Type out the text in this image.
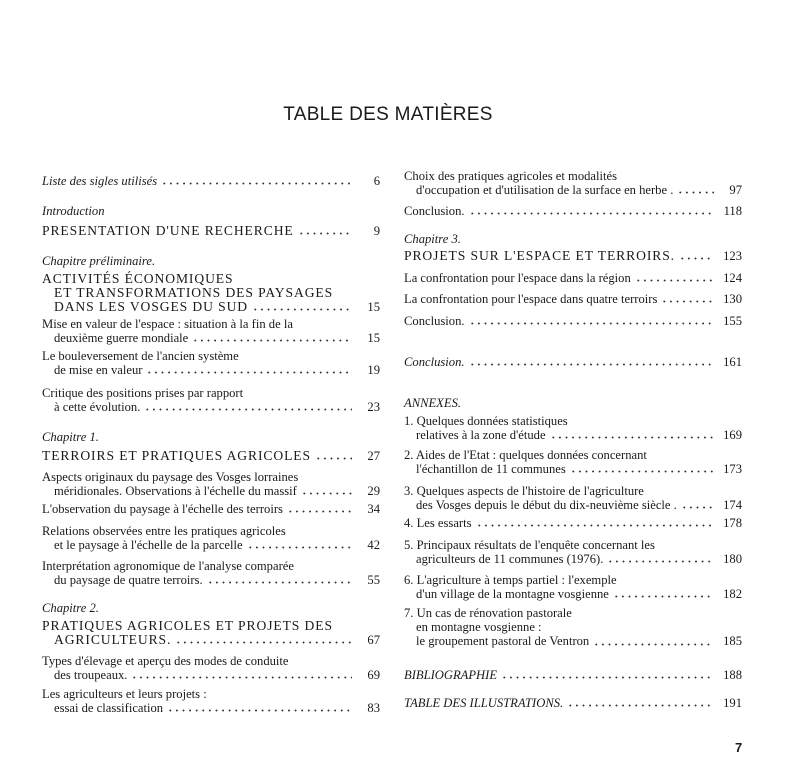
TABLE DES MATIÈRES
Liste des sigles utilisés	6
Introduction
PRESENTATION D'UNE RECHERCHE	9
Chapitre préliminaire.
ACTIVITÉS ÉCONOMIQUES
ET TRANSFORMATIONS DES PAYSAGES
DANS LES VOSGES DU SUD	15
Mise en valeur de l'espace : situation à la fin de la
deuxième guerre mondiale	15
Le bouleversement de l'ancien système
de mise en valeur	19
Critique des positions prises par rapport
à cette évolution.	23
Chapitre 1.
TERROIRS ET PRATIQUES AGRICOLES	27
Aspects originaux du paysage des Vosges lorraines
méridionales. Observations à l'échelle du massif	29
L'observation du paysage à l'échelle des terroirs	34
Relations observées entre les pratiques agricoles
et le paysage à l'échelle de la parcelle	42
Interprétation agronomique de l'analyse comparée
du paysage de quatre terroirs.	55
Chapitre 2.
PRATIQUES AGRICOLES ET PROJETS DES
AGRICULTEURS.	67
Types d'élevage et aperçu des modes de conduite
des troupeaux.	69
Les agriculteurs et leurs projets :
essai de classification	83
Choix des pratiques agricoles et modalités
d'occupation et d'utilisation de la surface en herbe .	97
Conclusion.	118
Chapitre 3.
PROJETS SUR L'ESPACE ET TERROIRS.	123
La confrontation pour l'espace dans la région	124
La confrontation pour l'espace dans quatre terroirs	130
Conclusion.	155
Conclusion.	161
ANNEXES.
1. Quelques données statistiques
relatives à la zone d'étude	169
2. Aides de l'Etat : quelques données concernant
l'échantillon de 11 communes	173
3. Quelques aspects de l'histoire de l'agriculture
des Vosges depuis le début du dix-neuvième siècle .	174
4. Les essarts	178
5. Principaux résultats de l'enquête concernant les
agriculteurs de 11 communes (1976).	180
6. L'agriculture à temps partiel : l'exemple
d'un village de la montagne vosgienne	182
7. Un cas de rénovation pastorale
en montagne vosgienne :
le groupement pastoral de Ventron	185
BIBLIOGRAPHIE	188
TABLE DES ILLUSTRATIONS.	191
7
